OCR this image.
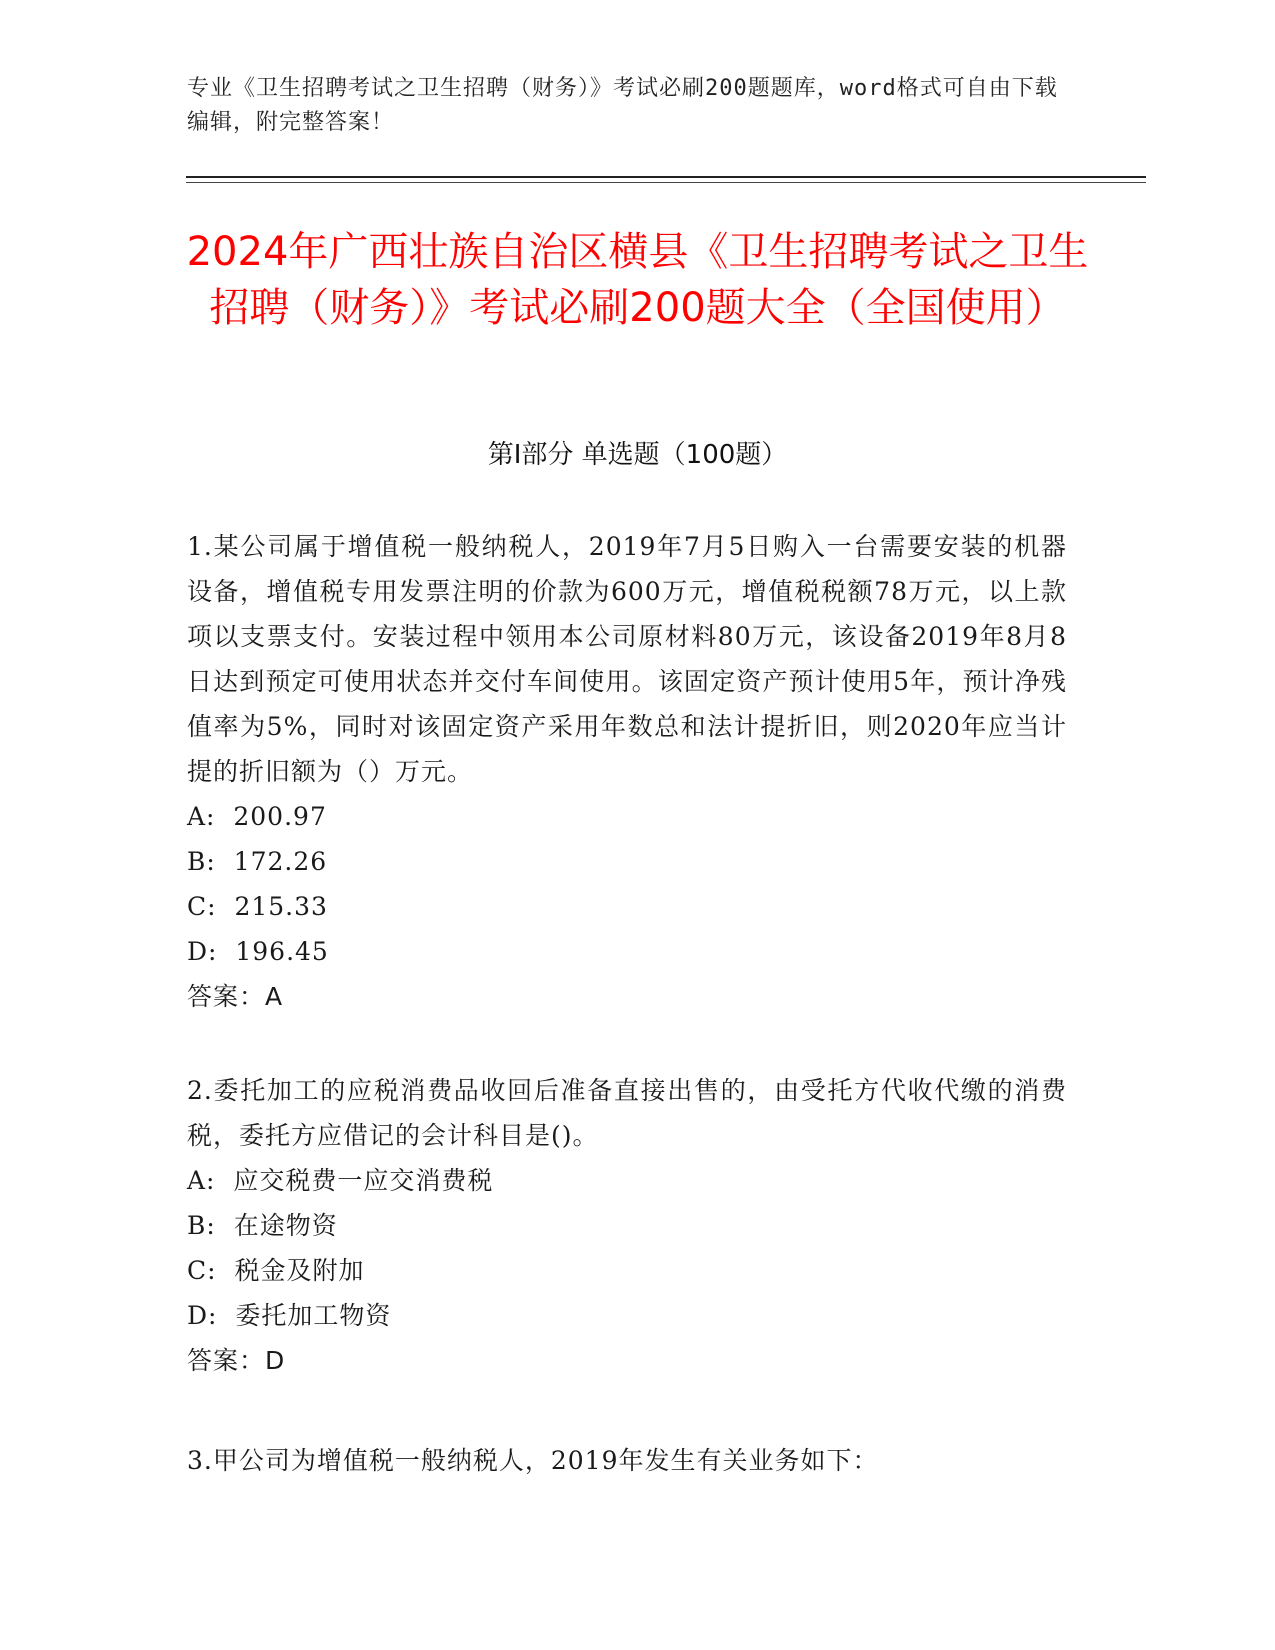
专业《卫生招聘考试之卫生招聘（财务）》考试必刷200题题库，word格式可自由下载编辑，附完整答案！
2024年广西壮族自治区横县《卫生招聘考试之卫生招聘（财务）》考试必刷200题大全（全国使用）
第Ⅰ部分 单选题（100题）
1.某公司属于增值税一般纳税人，2019年7月5日购入一台需要安装的机器设备，增值税专用发票注明的价款为600万元，增值税税额78万元，以上款项以支票支付。安装过程中领用本公司原材料80万元，该设备2019年8月8日达到预定可使用状态并交付车间使用。该固定资产预计使用5年，预计净残值率为5%，同时对该固定资产采用年数总和法计提折旧，则2020年应当计提的折旧额为（）万元。
A:  200.97
B:  172.26
C:  215.33
D:  196.45
答案：A
2.委托加工的应税消费品收回后准备直接出售的，由受托方代收代缴的消费税，委托方应借记的会计科目是()。
A:  应交税费一应交消费税
B:  在途物资
C:  税金及附加
D:  委托加工物资
答案：D
3.甲公司为增值税一般纳税人，2019年发生有关业务如下：
